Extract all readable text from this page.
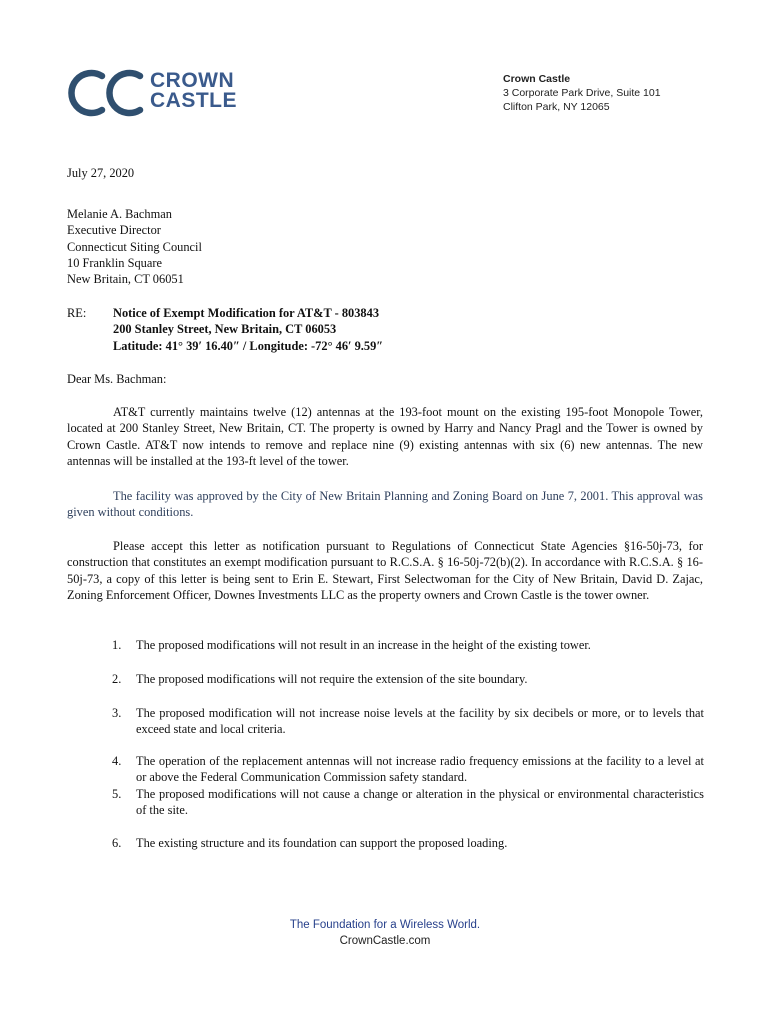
CROWN
CASTLE
Crown Castle
3 Corporate Park Drive, Suite 101
Clifton Park, NY 12065
July 27, 2020
Melanie A. Bachman
Executive Director
Connecticut Siting Council
10 Franklin Square
New Britain, CT 06051
RE: Notice of Exempt Modification for AT&T - 803843
200 Stanley Street, New Britain, CT 06053
Latitude: 41° 39′ 16.40″ / Longitude: -72° 46′ 9.59″
Dear Ms. Bachman:
AT&T currently maintains twelve (12) antennas at the 193-foot mount on the existing 195-foot Monopole Tower, located at 200 Stanley Street, New Britain, CT. The property is owned by Harry and Nancy Pragl and the Tower is owned by Crown Castle. AT&T now intends to remove and replace nine (9) existing antennas with six (6) new antennas. The new antennas will be installed at the 193-ft level of the tower.
The facility was approved by the City of New Britain Planning and Zoning Board on June 7, 2001. This approval was given without conditions.
Please accept this letter as notification pursuant to Regulations of Connecticut State Agencies §16-50j-73, for construction that constitutes an exempt modification pursuant to R.C.S.A. § 16-50j-72(b)(2). In accordance with R.C.S.A. § 16-50j-73, a copy of this letter is being sent to Erin E. Stewart, First Selectwoman for the City of New Britain, David D. Zajac, Zoning Enforcement Officer, Downes Investments LLC as the property owners and Crown Castle is the tower owner.
1. The proposed modifications will not result in an increase in the height of the existing tower.
2. The proposed modifications will not require the extension of the site boundary.
3. The proposed modification will not increase noise levels at the facility by six decibels or more, or to levels that exceed state and local criteria.
4. The operation of the replacement antennas will not increase radio frequency emissions at the facility to a level at or above the Federal Communication Commission safety standard.
5. The proposed modifications will not cause a change or alteration in the physical or environmental characteristics of the site.
6. The existing structure and its foundation can support the proposed loading.
The Foundation for a Wireless World.
CrownCastle.com
